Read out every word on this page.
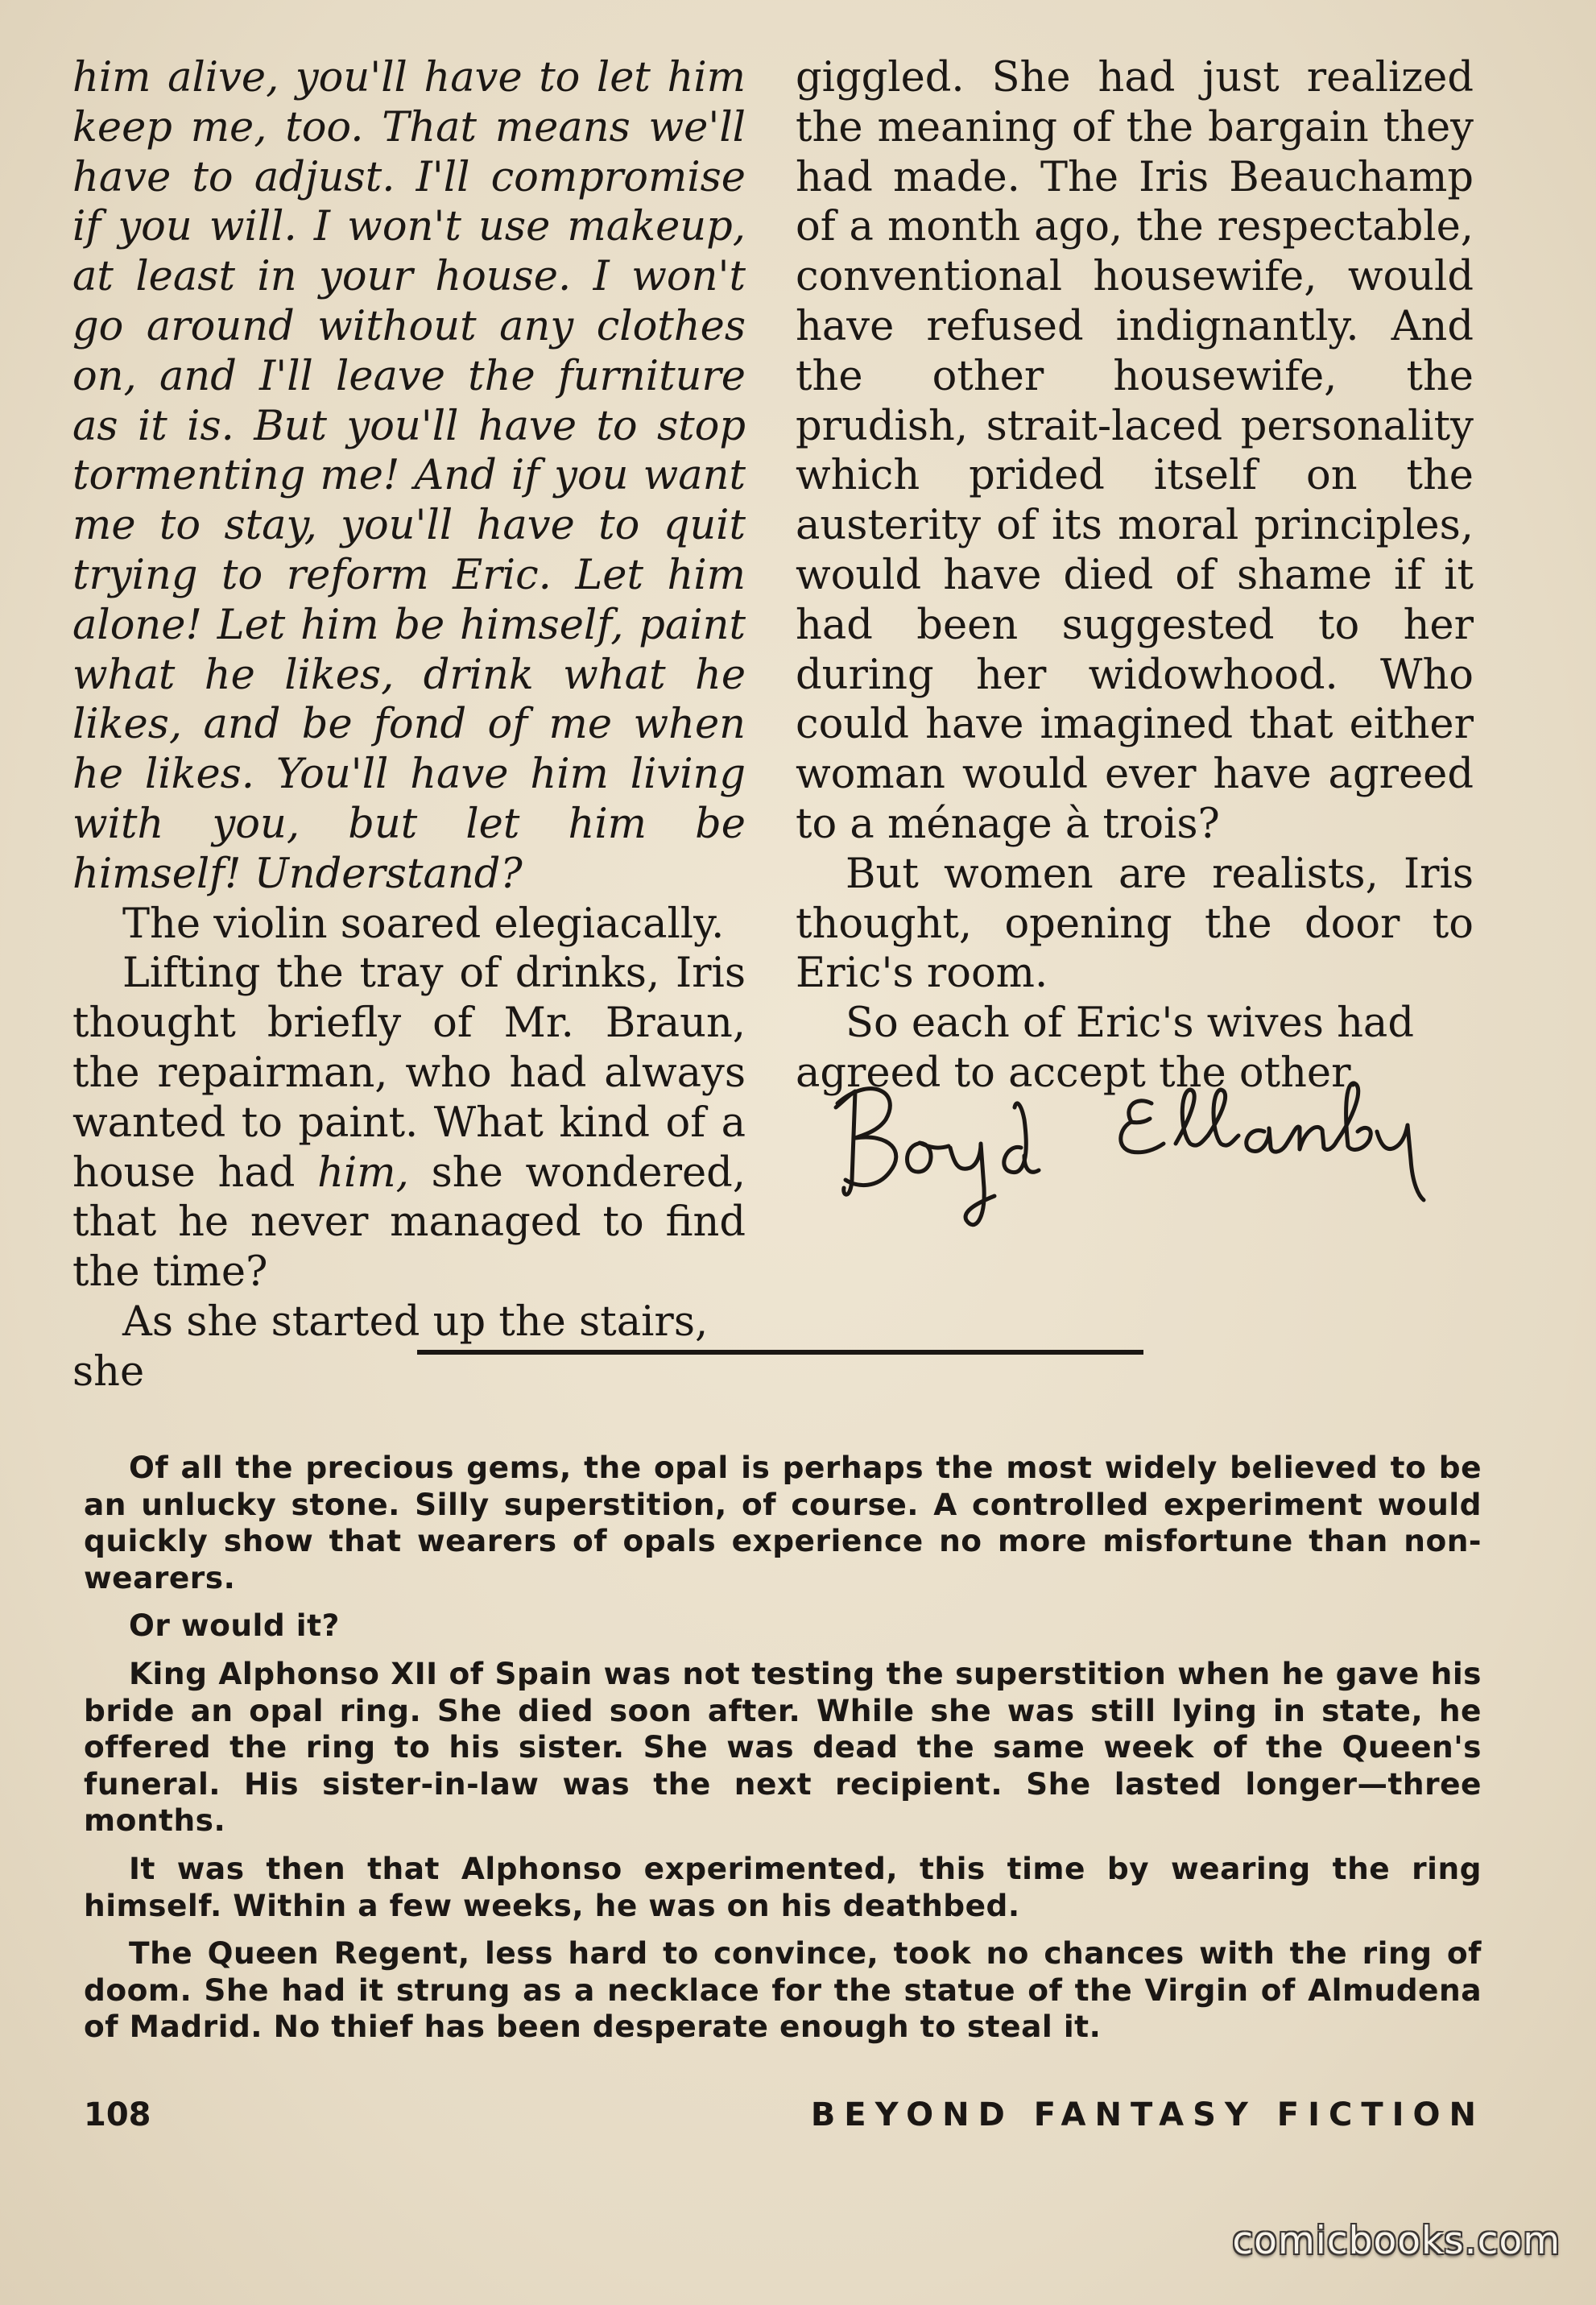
him alive, you'll have to let him keep me, too. That means we'll have to adjust. I'll compromise if you will. I won't use makeup, at least in your house. I won't go around without any clothes on, and I'll leave the furniture as it is. But you'll have to stop tormenting me! And if you want me to stay, you'll have to quit trying to reform Eric. Let him alone! Let him be himself, paint what he likes, drink what he likes, and be fond of me when he likes. You'll have him living with you, but let him be himself! Understand?

The violin soared elegiacally.

Lifting the tray of drinks, Iris thought briefly of Mr. Braun, the repairman, who had always wanted to paint. What kind of a house had him, she wondered, that he never managed to find the time?

As she started up the stairs, she

giggled. She had just realized the meaning of the bargain they had made. The Iris Beauchamp of a month ago, the respectable, conventional housewife, would have refused indignantly. And the other housewife, the prudish, strait-laced personality which prided itself on the austerity of its moral principles, would have died of shame if it had been suggested to her during her widowhood. Who could have imagined that either woman would ever have agreed to a ménage à trois?

But women are realists, Iris thought, opening the door to Eric's room.

So each of Eric's wives had agreed to accept the other.

Of all the precious gems, the opal is perhaps the most widely believed to be an unlucky stone. Silly superstition, of course. A controlled experiment would quickly show that wearers of opals experience no more misfortune than non-wearers.

Or would it?

King Alphonso XII of Spain was not testing the superstition when he gave his bride an opal ring. She died soon after. While she was still lying in state, he offered the ring to his sister. She was dead the same week of the Queen's funeral. His sister-in-law was the next recipient. She lasted longer—three months.

It was then that Alphonso experimented, this time by wearing the ring himself. Within a few weeks, he was on his deathbed.

The Queen Regent, less hard to convince, took no chances with the ring of doom. She had it strung as a necklace for the statue of the Virgin of Almudena of Madrid. No thief has been desperate enough to steal it.

108	BEYOND FANTASY FICTION
comicbooks.com
